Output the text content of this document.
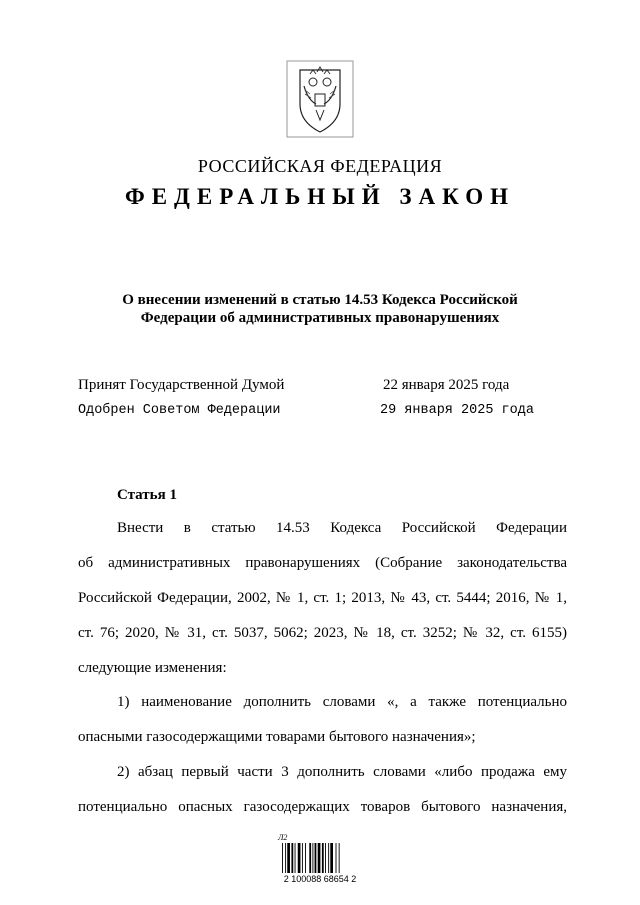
РОССИЙСКАЯ ФЕДЕРАЦИЯ
ФЕДЕРАЛЬНЫЙ ЗАКОН
О внесении изменений в статью 14.53 Кодекса Российской
Федерации об административных правонарушениях
Принят Государственной Думой	22 января 2025 года
Одобрен Советом Федерации	29 января 2025 года
Статья 1
Внести в статью 14.53 Кодекса Российской Федерации
об административных правонарушениях (Собрание законодательства
Российской Федерации, 2002, № 1, ст. 1; 2013, № 43, ст. 5444; 2016, № 1,
ст. 76; 2020, № 31, ст. 5037, 5062; 2023, № 18, ст. 3252; № 32, ст. 6155)
следующие изменения:
1) наименование дополнить словами «, а также потенциально
опасными газосодержащими товарами бытового назначения»;
2) абзац первый части 3 дополнить словами «либо продажа ему
потенциально опасных газосодержащих товаров бытового назначения,
Л2
2 100088 68654 2
